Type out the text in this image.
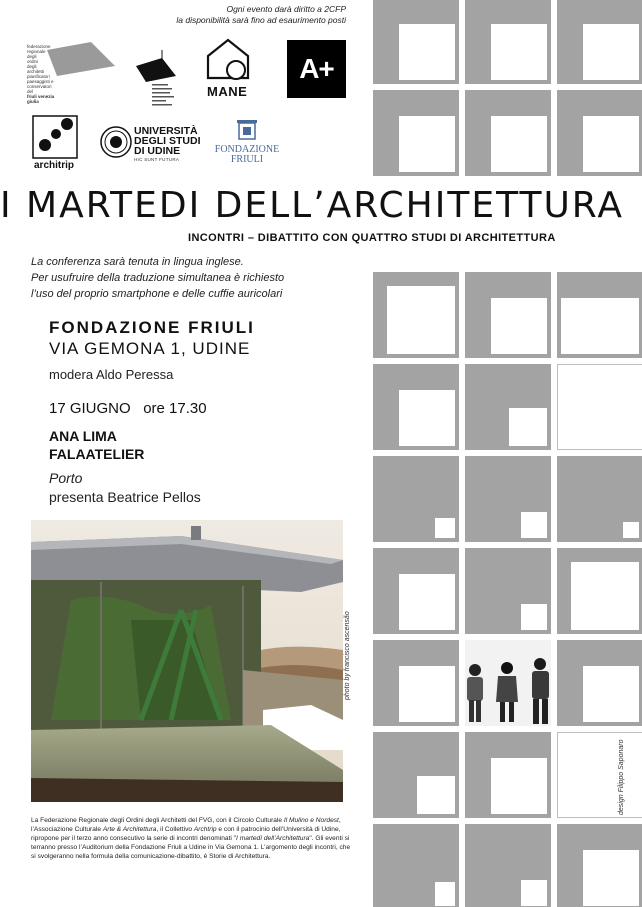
Ogni evento darà diritto a 2CFP
la disponibilità sarà fino ad esaurimento posti
federazione
regionale
degli
ordini
degli
architetti
pianificatori
paesaggisti e
conservatori
del
friuli venezia giulia
MANE
A+
architrip
UNIVERSITÀ
DEGLI STUDI
DI UDINE
HIC SUNT FUTURA
FONDAZIONE
FRIULI
I MARTEDI DELL’ARCHITETTURA
INCONTRI – DIBATTITO CON QUATTRO STUDI DI ARCHITETTURA
La conferenza sarà tenuta in lingua inglese.
Per usufruire della traduzione simultanea è richiesto
l’uso del proprio smartphone e delle cuffie auricolari
FONDAZIONE FRIULI
VIA GEMONA 1, UDINE
modera Aldo Peressa
17 GIUGNO   ore 17.30
ANA LIMA
FALAATELIER
Porto
presenta Beatrice Pellos
photo by francisco ascensão
La Federazione Regionale degli Ordini degli Architetti del FVG, con il Circolo Culturale Il Mulino e Nordest, l’Associazione Culturale Arte & Architettura, il Collettivo Archtrip e con il patrocinio dell’Università di Udine, ripropone per il terzo anno consecutivo la serie di incontri denominati "I martedì dell’Architettura". Gli eventi si terranno presso l’Auditorium della Fondazione Friuli a Udine in Via Gemona 1. L’argomento degli incontri, che si svolgeranno nella formula della comunicazione-dibattito, è Storie di Architettura.
design Filippo Saponaro
